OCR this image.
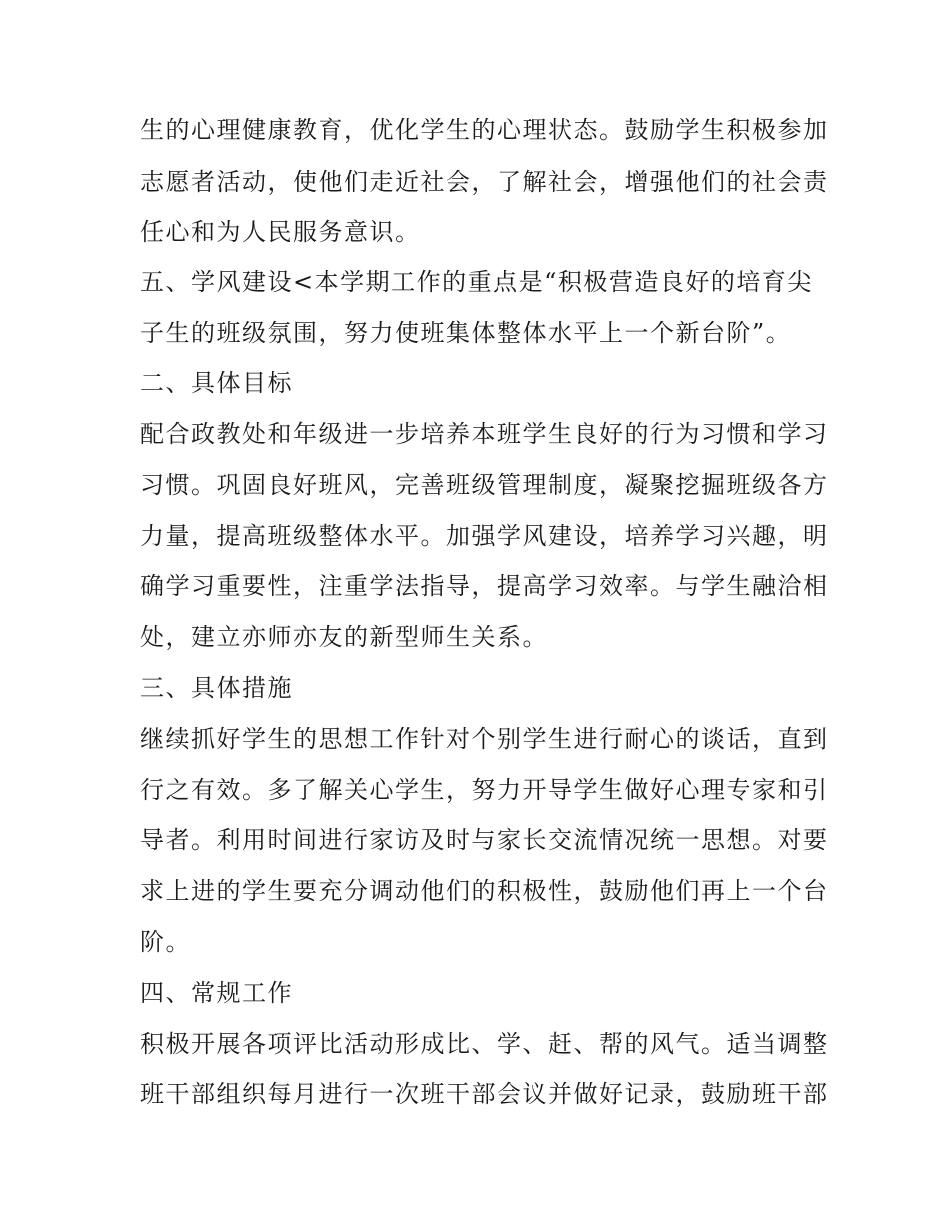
生的心理健康教育，优化学生的心理状态。鼓励学生积极参加
志愿者活动，使他们走近社会，了解社会，增强他们的社会责
任心和为人民服务意识。
五、学风建设<本学期工作的重点是“积极营造良好的培育尖
子生的班级氛围，努力使班集体整体水平上一个新台阶”。
二、具体目标
配合政教处和年级进一步培养本班学生良好的行为习惯和学习
习惯。巩固良好班风，完善班级管理制度，凝聚挖掘班级各方
力量，提高班级整体水平。加强学风建设，培养学习兴趣，明
确学习重要性，注重学法指导，提高学习效率。与学生融洽相
处，建立亦师亦友的新型师生关系。
三、具体措施
继续抓好学生的思想工作针对个别学生进行耐心的谈话，直到
行之有效。多了解关心学生，努力开导学生做好心理专家和引
导者。利用时间进行家访及时与家长交流情况统一思想。对要
求上进的学生要充分调动他们的积极性，鼓励他们再上一个台
阶。
四、常规工作
积极开展各项评比活动形成比、学、赶、帮的风气。适当调整
班干部组织每月进行一次班干部会议并做好记录，鼓励班干部
